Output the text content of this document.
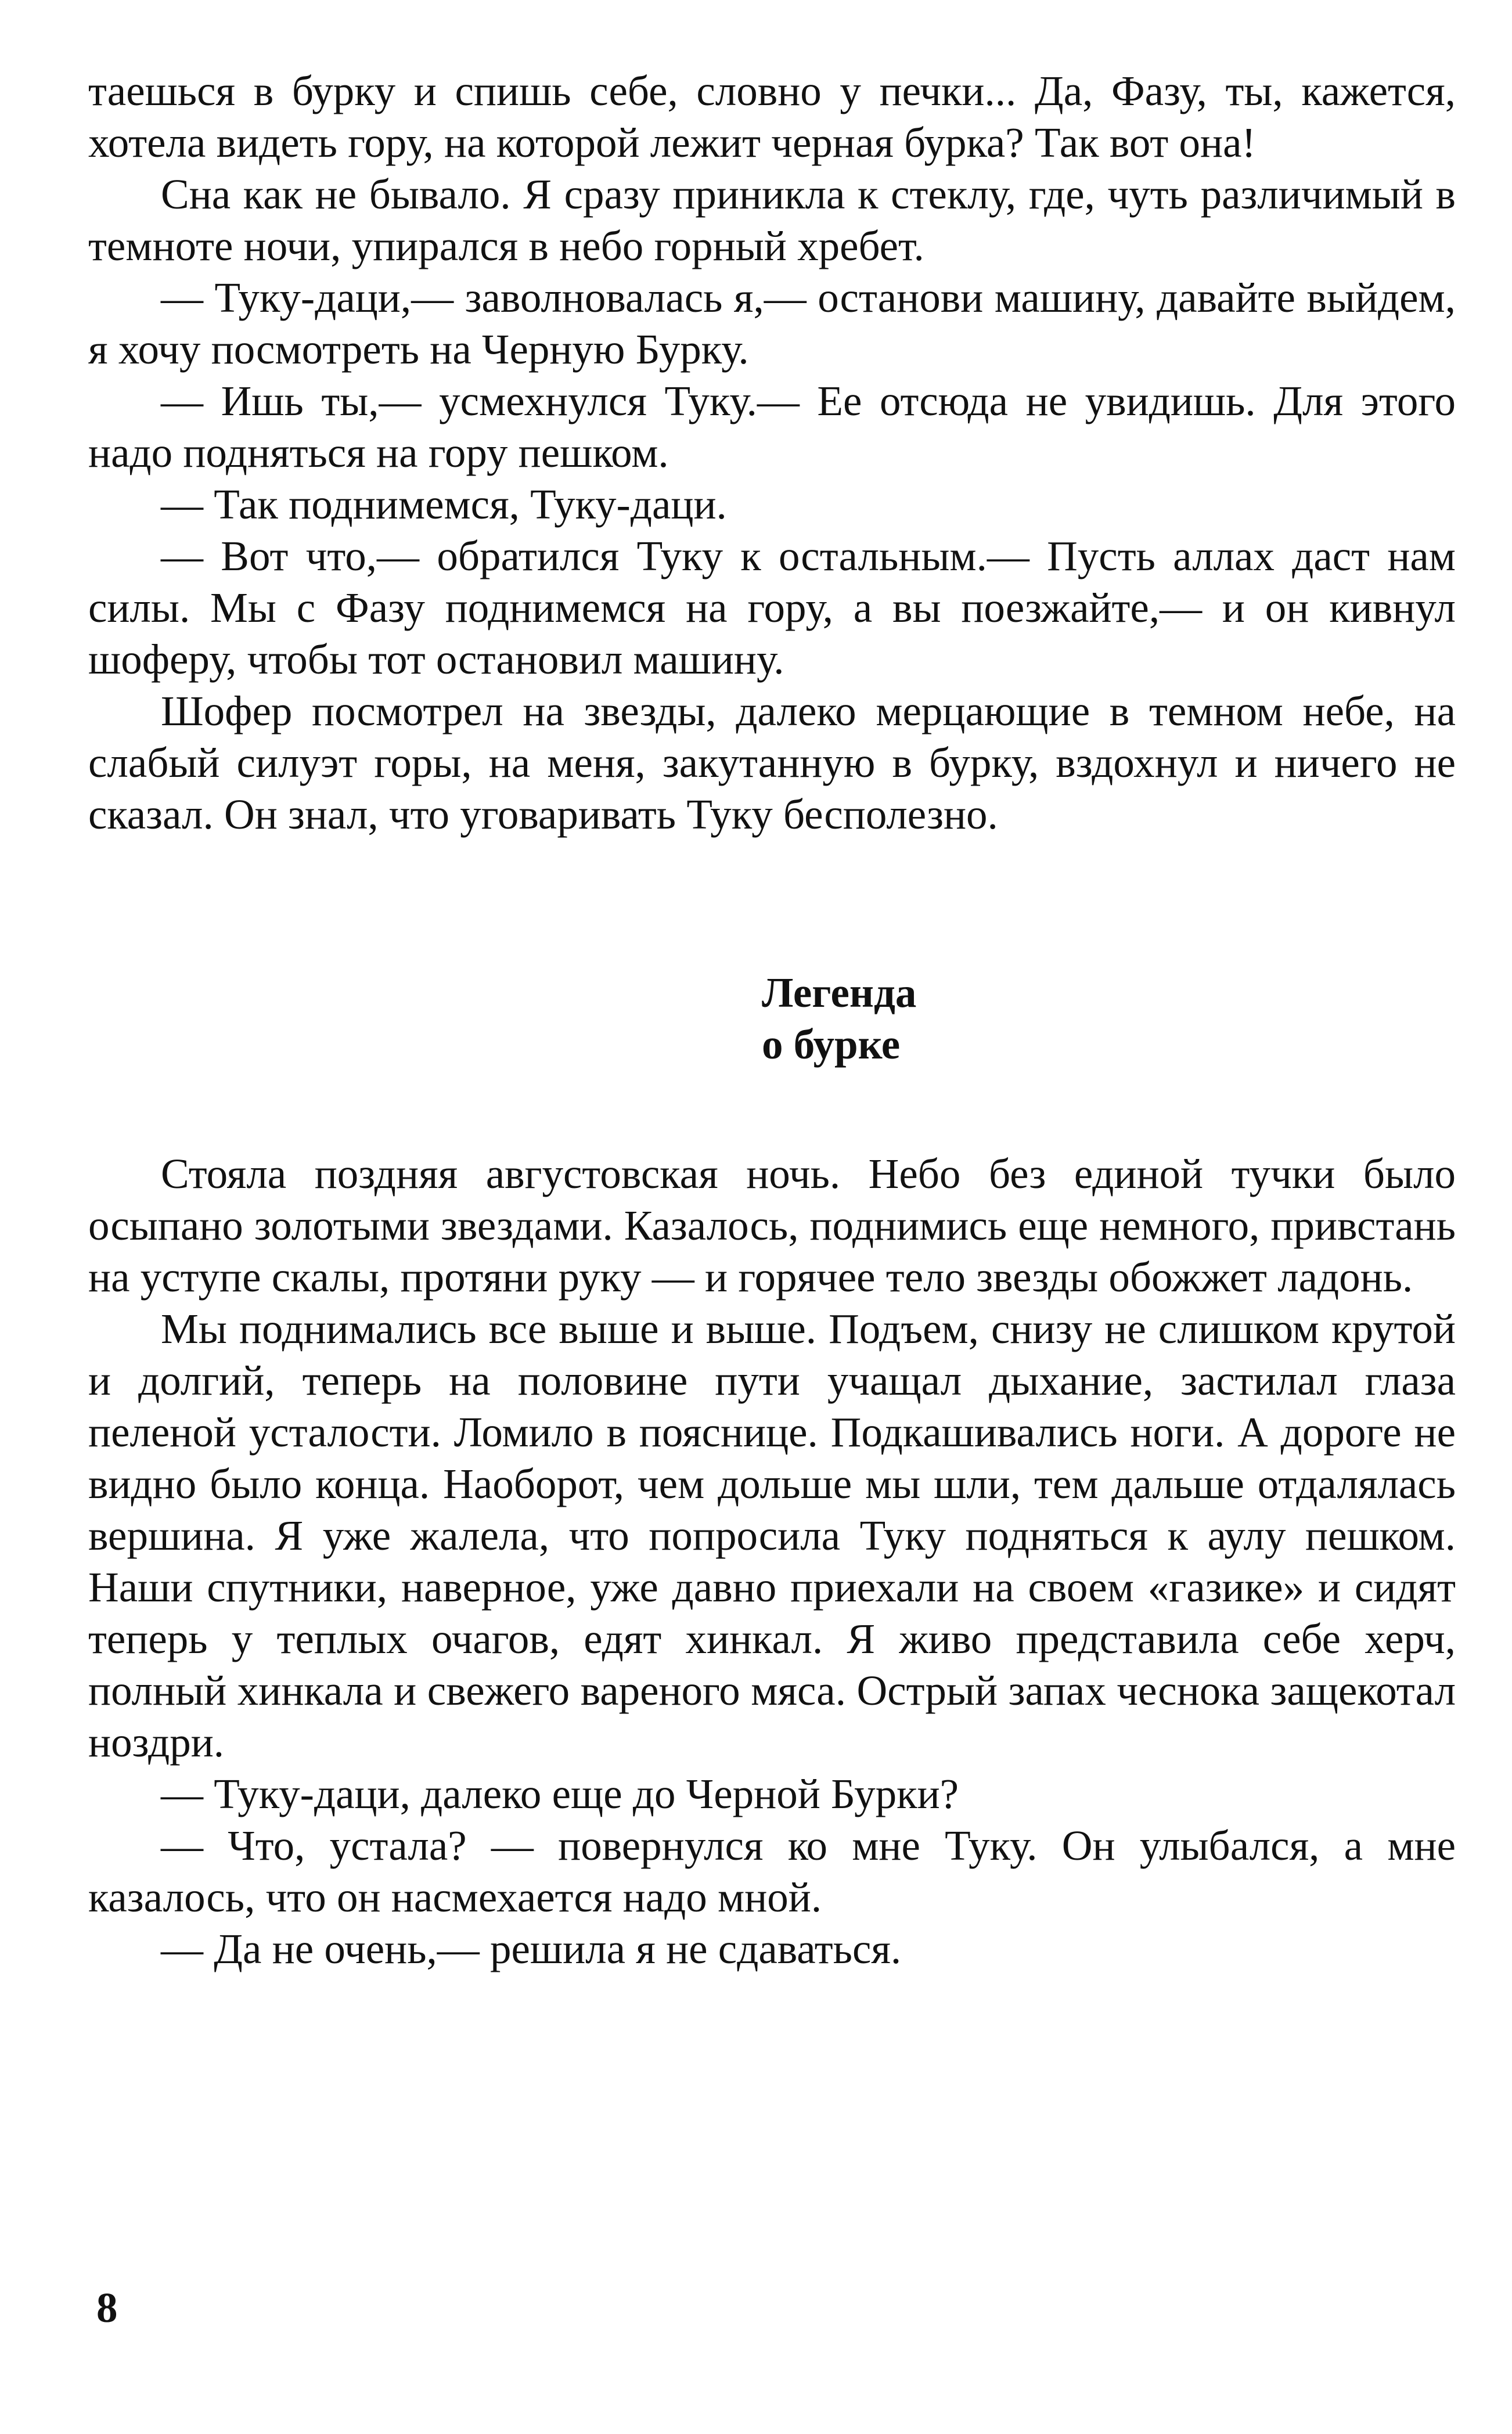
таешься в бурку и спишь себе, словно у печки... Да, Фазу, ты, кажется, хотела видеть гору, на которой лежит черная бурка? Так вот она!

Сна как не бывало. Я сразу приникла к стеклу, где, чуть различимый в темноте ночи, упирался в небо горный хребет.

— Туку-даци,— заволновалась я,— останови машину, давайте выйдем, я хочу посмотреть на Черную Бурку.

— Ишь ты,— усмехнулся Туку.— Ее отсюда не увидишь. Для этого надо подняться на гору пешком.

— Так поднимемся, Туку-даци.

— Вот что,— обратился Туку к остальным.— Пусть аллах даст нам силы. Мы с Фазу поднимемся на гору, а вы поезжайте,— и он кивнул шоферу, чтобы тот остановил машину.

Шофер посмотрел на звезды, далеко мерцающие в темном небе, на слабый силуэт горы, на меня, закутанную в бурку, вздохнул и ничего не сказал. Он знал, что уговаривать Туку бесполезно.

Легенда
о бурке

Стояла поздняя августовская ночь. Небо без единой тучки было осыпано золотыми звездами. Казалось, поднимись еще немного, привстань на уступе скалы, протяни руку — и горячее тело звезды обожжет ладонь.

Мы поднимались все выше и выше. Подъем, снизу не слишком крутой и долгий, теперь на половине пути учащал дыхание, застилал глаза пеленой усталости. Ломило в пояснице. Подкашивались ноги. А дороге не видно было конца. Наоборот, чем дольше мы шли, тем дальше отдалялась вершина. Я уже жалела, что попросила Туку подняться к аулу пешком. Наши спутники, наверное, уже давно приехали на своем «газике» и сидят теперь у теплых очагов, едят хинкал. Я живо представила себе херч, полный хинкала и свежего вареного мяса. Острый запах чеснока защекотал ноздри.

— Туку-даци, далеко еще до Черной Бурки?

— Что, устала? — повернулся ко мне Туку. Он улыбался, а мне казалось, что он насмехается надо мной.

— Да не очень,— решила я не сдаваться.

8
